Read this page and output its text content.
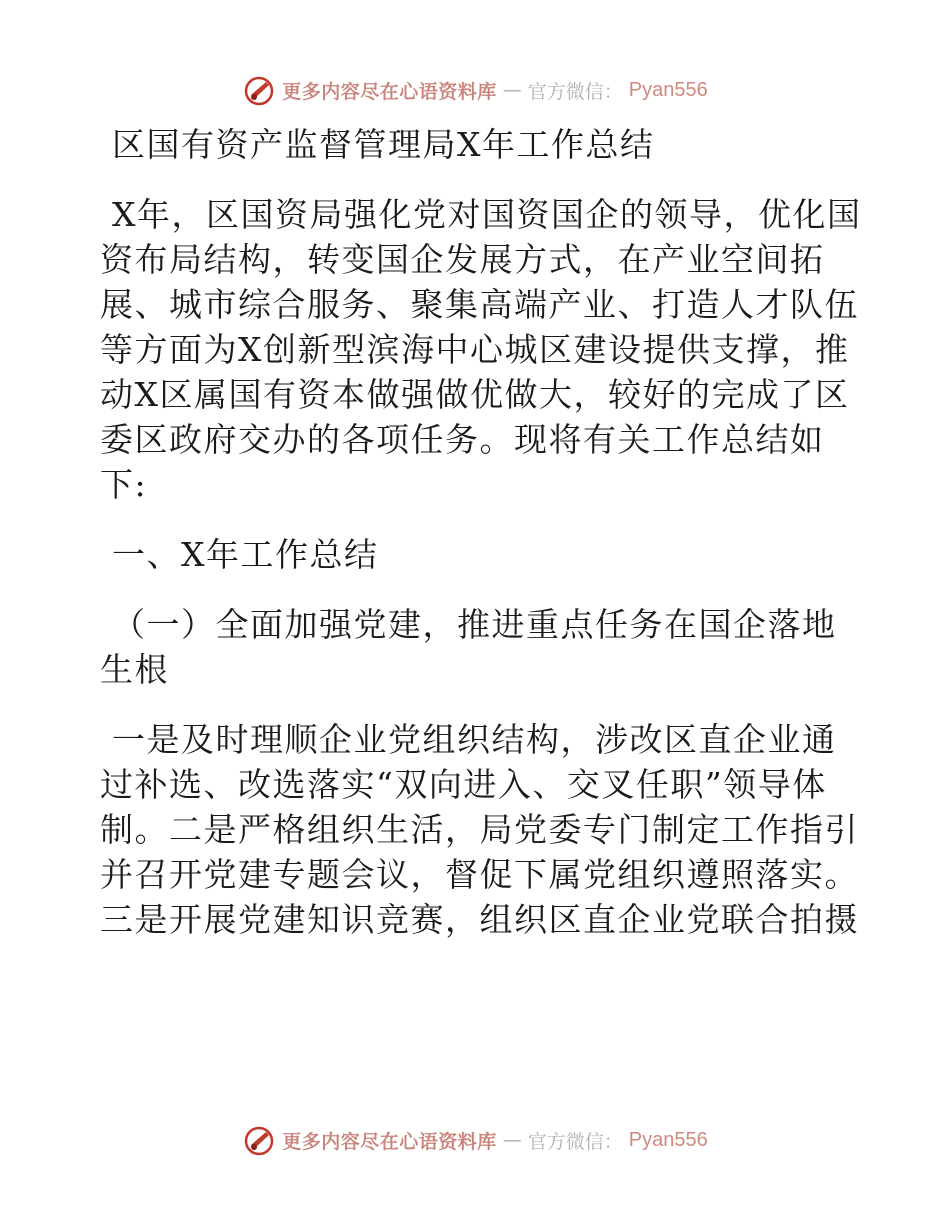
更多内容尽在心语资料库 — 官方微信： Pyan556
区国有资产监督管理局X年工作总结
X年，区国资局强化党对国资国企的领导，优化国
资布局结构，转变国企发展方式，在产业空间拓
展、城市综合服务、聚集高端产业、打造人才队伍
等方面为X创新型滨海中心城区建设提供支撑，推
动X区属国有资本做强做优做大，较好的完成了区
委区政府交办的各项任务。现将有关工作总结如
下:
一、X年工作总结
（一）全面加强党建，推进重点任务在国企落地
生根
一是及时理顺企业党组织结构，涉改区直企业通
过补选、改选落实“双向进入、交叉任职”领导体
制。二是严格组织生活，局党委专门制定工作指引
并召开党建专题会议，督促下属党组织遵照落实。
三是开展党建知识竞赛，组织区直企业党联合拍摄
更多内容尽在心语资料库 — 官方微信： Pyan556
